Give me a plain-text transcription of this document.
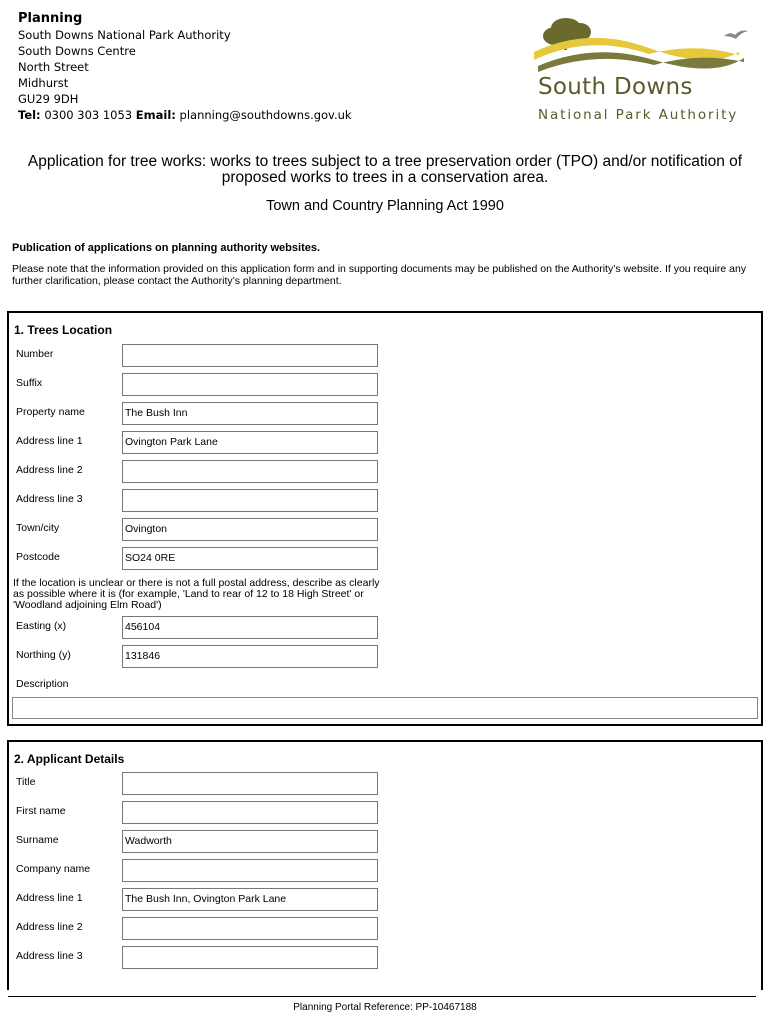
Planning
South Downs National Park Authority
South Downs Centre
North Street
Midhurst
GU29 9DH
Tel: 0300 303 1053 Email: planning@southdowns.gov.uk
South Downs
National Park Authority
Application for tree works: works to trees subject to a tree preservation order (TPO) and/or notification of proposed works to trees in a conservation area.
Town and Country Planning Act 1990
Publication of applications on planning authority websites.
Please note that the information provided on this application form and in supporting documents may be published on the Authority’s website. If you require any further clarification, please contact the Authority’s planning department.
1. Trees Location
Number
Suffix
Property name	The Bush Inn
Address line 1	Ovington Park Lane
Address line 2
Address line 3
Town/city	Ovington
Postcode	SO24 0RE
If the location is unclear or there is not a full postal address, describe as clearly as possible where it is (for example, 'Land to rear of 12 to 18 High Street' or 'Woodland adjoining Elm Road')
Easting (x)	456104
Northing (y)	131846
Description
2. Applicant Details
Title
First name
Surname	Wadworth
Company name
Address line 1	The Bush Inn, Ovington Park Lane
Address line 2
Address line 3
Planning Portal Reference: PP-10467188
